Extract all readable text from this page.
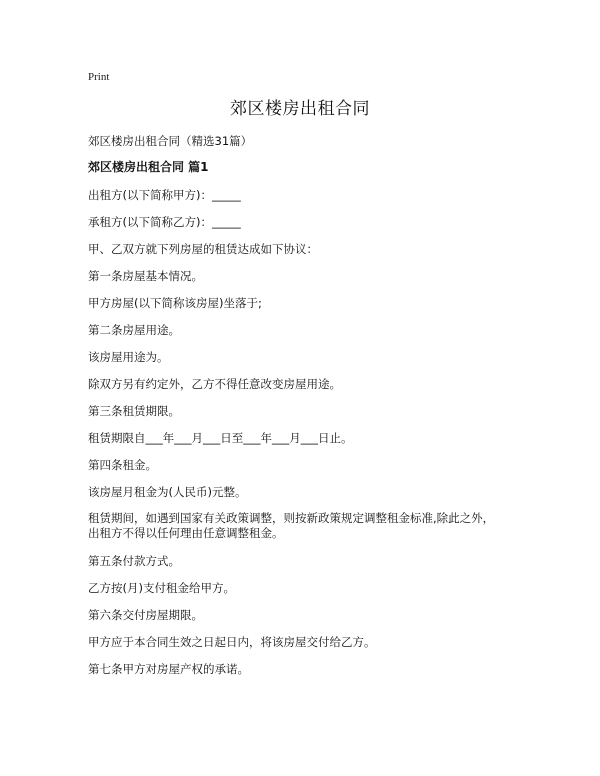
Print
郊区楼房出租合同
郊区楼房出租合同（精选31篇）
郊区楼房出租合同 篇1

出租方(以下简称甲方)：_____

承租方(以下简称乙方)：_____

甲、乙双方就下列房屋的租赁达成如下协议：

第一条房屋基本情况。

甲方房屋(以下简称该房屋)坐落于;

第二条房屋用途。

该房屋用途为。

除双方另有约定外，乙方不得任意改变房屋用途。

第三条租赁期限。

租赁期限自___年___月___日至___年___月___日止。

第四条租金。

该房屋月租金为(人民币)元整。

租赁期间，如遇到国家有关政策调整，则按新政策规定调整租金标准,除此之外，
出租方不得以任何理由任意调整租金。

第五条付款方式。

乙方按(月)支付租金给甲方。

第六条交付房屋期限。

甲方应于本合同生效之日起日内，将该房屋交付给乙方。

第七条甲方对房屋产权的承诺。
